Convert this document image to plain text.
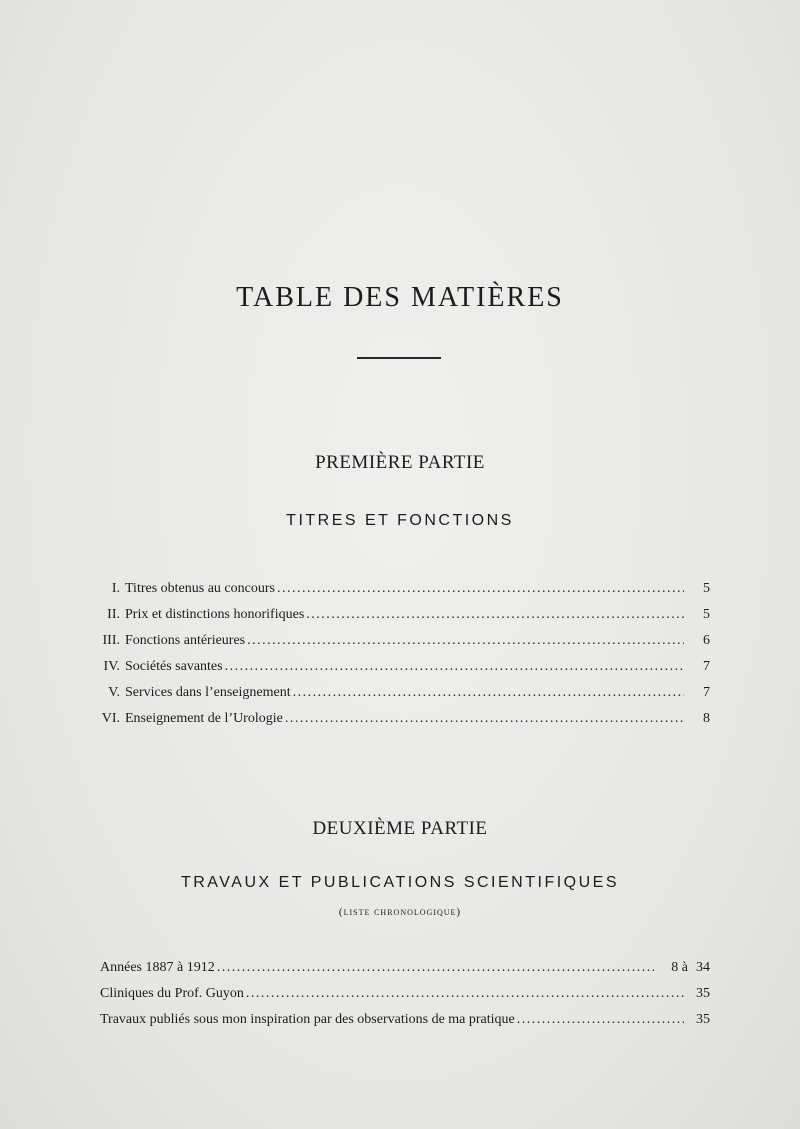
TABLE DES MATIÈRES
PREMIÈRE PARTIE
TITRES ET FONCTIONS
I. Titres obtenus au concours . . .	5
II. Prix et distinctions honorifiques . . .	5
III. Fonctions antérieures . . .	6
IV. Sociétés savantes . . .	7
V. Services dans l’enseignement . . .	7
VI. Enseignement de l’Urologie . . .	8
DEUXIÈME PARTIE
TRAVAUX ET PUBLICATIONS SCIENTIFIQUES
(liste chronologique)
Années 1887 à 1912 . . .	8 à 34
Cliniques du Prof. Guyon . . .	35
Travaux publiés sous mon inspiration par des observations de ma pratique . . .	35
